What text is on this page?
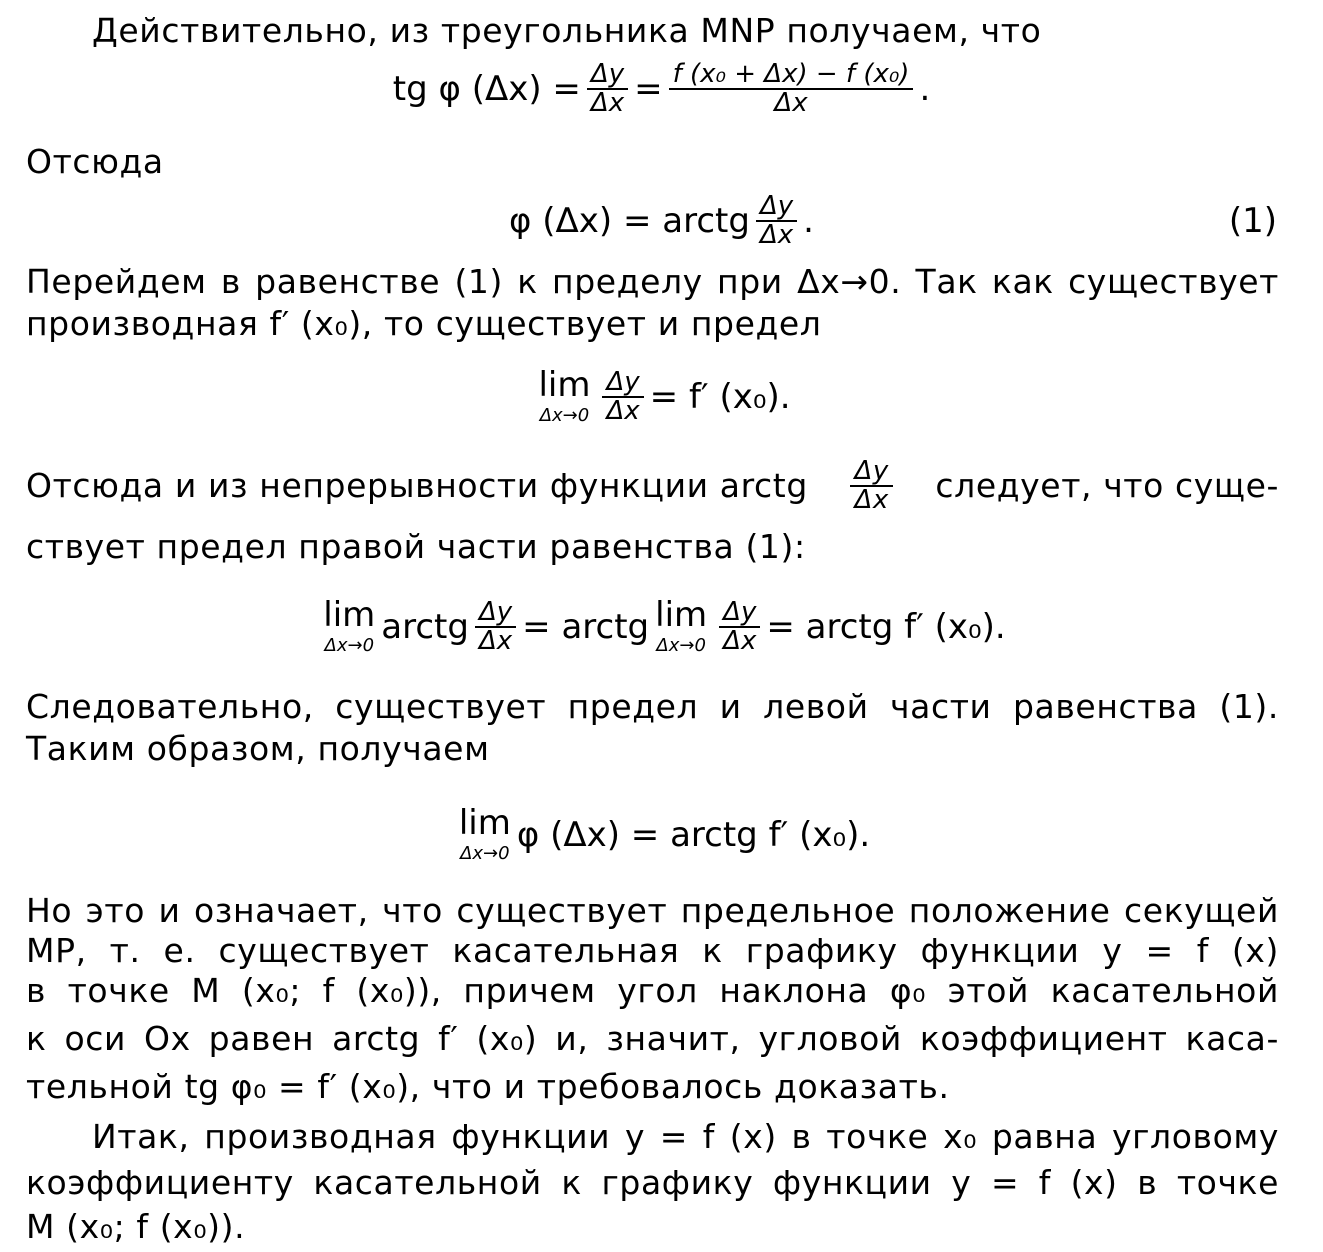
Действительно, из треугольника MNP получаем, что
tg φ $(\Delta x) = \frac{\Delta y}{\Delta x} = \frac{\text{f (x₀ + Δx) − f (x₀)}}{\Delta x}$ .
Отсюда
φ (Δx) = arctg $\frac{\Delta y}{\Delta x}$ .	(1)
Перейдем в равенстве (1) к пределу при Δx→0. Так как существует
производная f′ (x₀), то существует и предел
lim
$\Delta x\to 0 \frac{\Delta y}{\Delta x} = f'$ (x₀).
Отсюда и из непрерывности функции arctg $\frac{\Delta y}{\Delta x}$ следует, что суще-
ствует предел правой части равенства (1):
lim
Δx→0 arctg $\frac{\Delta y}{\Delta x}$ = arctg lim
$\Delta x\to 0 \frac{\Delta y}{\Delta x}$ = arctg f′ (x₀).
Следовательно, существует предел и левой части равенства (1).
Таким образом, получаем
lim
Δx→0 φ (Δx) = arctg f′ (x₀).
Но это и означает, что существует предельное положение секущей
MP, т. е. существует касательная к графику функции y = f (x)
в точке M (x₀; f (x₀)), причем угол наклона φ₀ этой касательной
к оси Ox равен arctg f′ (x₀) и, значит, угловой коэффициент каса-
тельной tg φ₀ = f′ (x₀), что и требовалось доказать.
Итак, производная функции y = f (x) в точке x₀ равна угловому
коэффициенту касательной к графику функции y = f (x) в точке
M (x₀; f (x₀)).
